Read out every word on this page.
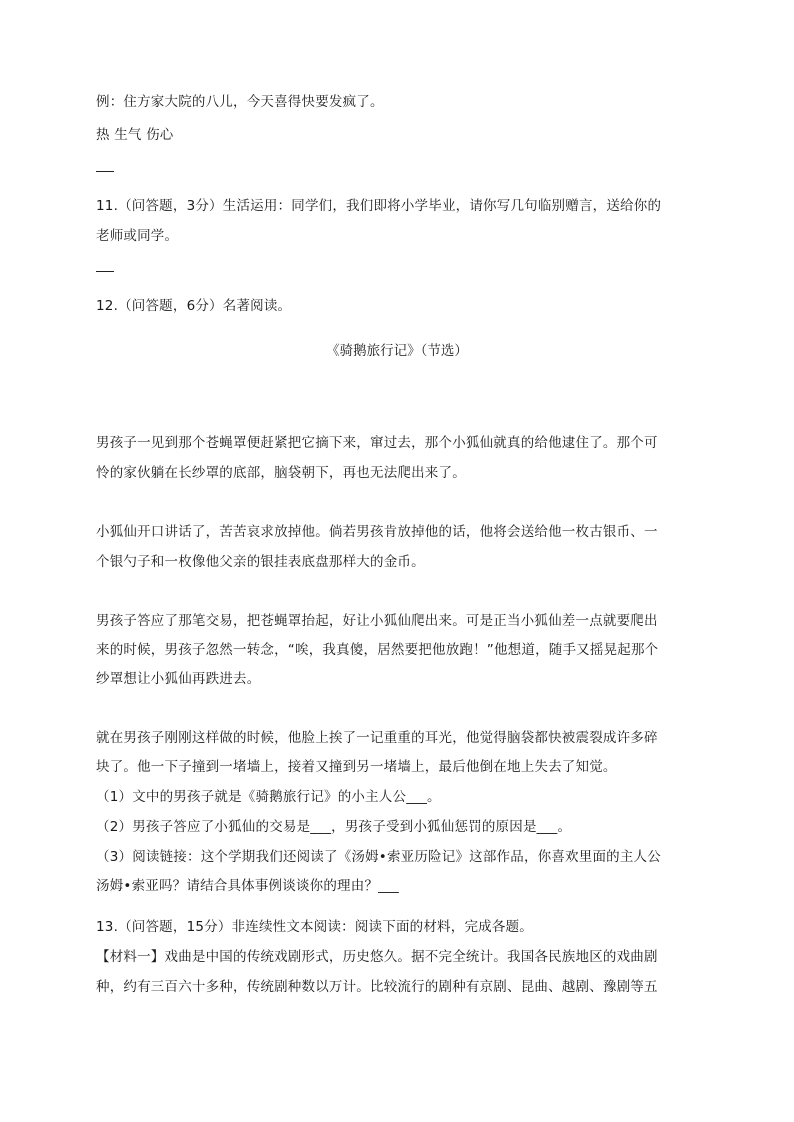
例：住方家大院的八儿，今天喜得快要发疯了。
热 生气 伤心
11.（问答题，3分）生活运用：同学们，我们即将小学毕业，请你写几句临别赠言，送给你的
老师或同学。
12.（问答题，6分）名著阅读。
《骑鹅旅行记》（节选）
男孩子一见到那个苍蝇罩便赶紧把它摘下来，窜过去，那个小狐仙就真的给他逮住了。那个可
怜的家伙躺在长纱罩的底部，脑袋朝下，再也无法爬出来了。
小狐仙开口讲话了，苦苦哀求放掉他。倘若男孩肯放掉他的话，他将会送给他一枚古银币、一
个银勺子和一枚像他父亲的银挂表底盘那样大的金币。
男孩子答应了那笔交易，把苍蝇罩抬起，好让小狐仙爬出来。可是正当小狐仙差一点就要爬出
来的时候，男孩子忽然一转念，“唉，我真傻，居然要把他放跑！”他想道，随手又摇晃起那个
纱罩想让小狐仙再跌进去。
就在男孩子刚刚这样做的时候，他脸上挨了一记重重的耳光，他觉得脑袋都快被震裂成许多碎
块了。他一下子撞到一堵墙上，接着又撞到另一堵墙上，最后他倒在地上失去了知觉。
（1）文中的男孩子就是《骑鹅旅行记》的小主人公___。
（2）男孩子答应了小狐仙的交易是___，男孩子受到小狐仙惩罚的原因是___。
（3）阅读链接：这个学期我们还阅读了《汤姆•索亚历险记》这部作品，你喜欢里面的主人公
汤姆•索亚吗？请结合具体事例谈谈你的理由？___
13.（问答题，15分）非连续性文本阅读：阅读下面的材料，完成各题。
【材料一】戏曲是中国的传统戏剧形式，历史悠久。据不完全统计。我国各民族地区的戏曲剧
种，约有三百六十多种，传统剧种数以万计。比较流行的剧种有京剧、昆曲、越剧、豫剧等五
